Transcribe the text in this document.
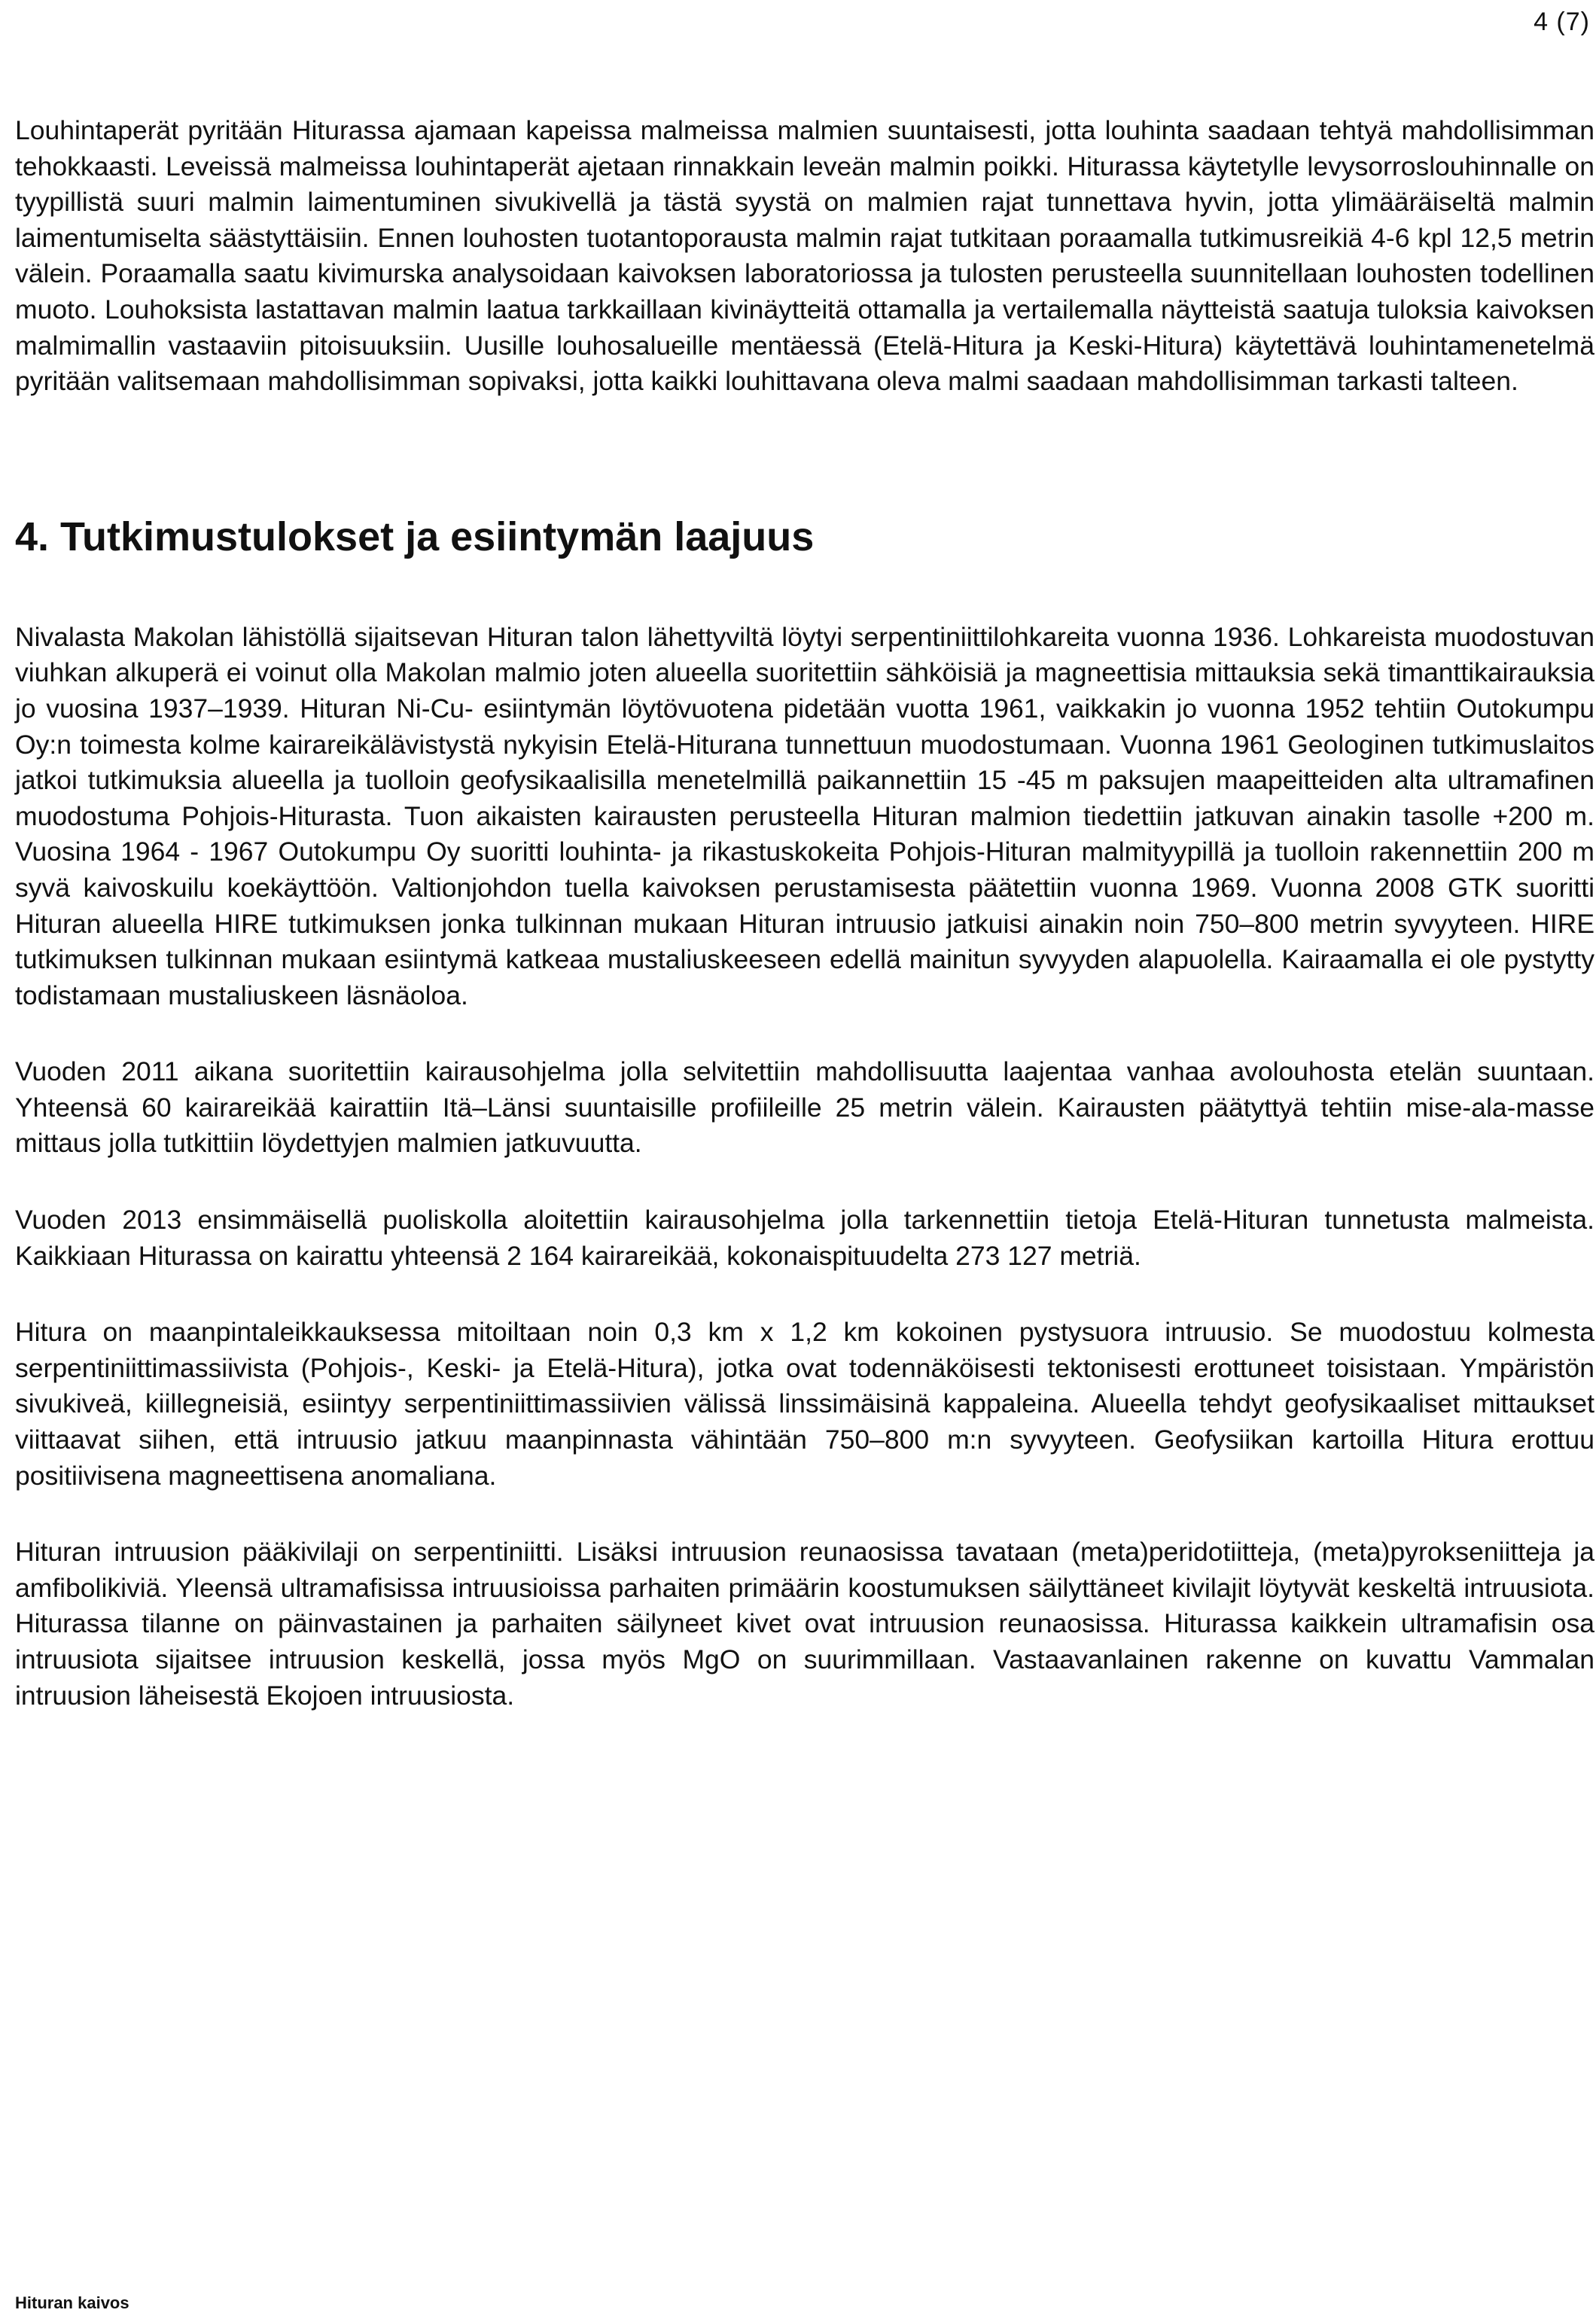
4 (7)

Louhintaperät pyritään Hiturassa ajamaan kapeissa malmeissa malmien suuntaisesti, jotta louhinta saadaan tehtyä mahdollisimman tehokkaasti. Leveissä malmeissa louhintaperät ajetaan rinnakkain leveän malmin poikki. Hiturassa käytetylle levysorroslouhinnalle on tyypillistä suuri malmin laimentuminen sivukivellä ja tästä syystä on malmien rajat tunnettava hyvin, jotta ylimääräiseltä malmin laimentumiselta säästyttäisiin. Ennen louhosten tuotantoporausta malmin rajat tutkitaan poraamalla tutkimusreikiä 4-6 kpl 12,5 metrin välein. Poraamalla saatu kivimurska analysoidaan kaivoksen laboratoriossa ja tulosten perusteella suunnitellaan louhosten todellinen muoto. Louhoksista lastattavan malmin laatua tarkkaillaan kivinäytteitä ottamalla ja vertailemalla näytteistä saatuja tuloksia kaivoksen malmimallin vastaaviin pitoisuuksiin. Uusille louhosalueille mentäessä (Etelä-Hitura ja Keski-Hitura) käytettävä louhintamenetelmä pyritään valitsemaan mahdollisimman sopivaksi, jotta kaikki louhittavana oleva malmi saadaan mahdollisimman tarkasti talteen.

4. Tutkimustulokset ja esiintymän laajuus

Nivalasta Makolan lähistöllä sijaitsevan Hituran talon lähettyviltä löytyi serpentiniittilohkareita vuonna 1936. Lohkareista muodostuvan viuhkan alkuperä ei voinut olla Makolan malmio joten alueella suoritettiin sähköisiä ja magneettisia mittauksia sekä timanttikairauksia jo vuosina 1937–1939. Hituran Ni-Cu- esiintymän löytövuotena pidetään vuotta 1961, vaikkakin jo vuonna 1952 tehtiin Outokumpu Oy:n toimesta kolme kairareikälävistystä nykyisin Etelä-Hiturana tunnettuun muodostumaan. Vuonna 1961 Geologinen tutkimuslaitos jatkoi tutkimuksia alueella ja tuolloin geofysikaalisilla menetelmillä paikannettiin 15 -45 m paksujen maapeitteiden alta ultramafinen muodostuma Pohjois-Hiturasta. Tuon aikaisten kairausten perusteella Hituran malmion tiedettiin jatkuvan ainakin tasolle +200 m. Vuosina 1964 - 1967 Outokumpu Oy suoritti louhinta- ja rikastuskokeita Pohjois-Hituran malmityypillä ja tuolloin rakennettiin 200 m syvä kaivoskuilu koekäyttöön. Valtionjohdon tuella kaivoksen perustamisesta päätettiin vuonna 1969. Vuonna 2008 GTK suoritti Hituran alueella HIRE tutkimuksen jonka tulkinnan mukaan Hituran intruusio jatkuisi ainakin noin 750–800 metrin syvyyteen. HIRE tutkimuksen tulkinnan mukaan esiintymä katkeaa mustaliuskeeseen edellä mainitun syvyyden alapuolella. Kairaamalla ei ole pystytty todistamaan mustaliuskeen läsnäoloa.

Vuoden 2011 aikana suoritettiin kairausohjelma jolla selvitettiin mahdollisuutta laajentaa vanhaa avolouhosta etelän suuntaan. Yhteensä 60 kairareikää kairattiin Itä–Länsi suuntaisille profiileille 25 metrin välein. Kairausten päätyttyä tehtiin mise-ala-masse mittaus jolla tutkittiin löydettyjen malmien jatkuvuutta.

Vuoden 2013 ensimmäisellä puoliskolla aloitettiin kairausohjelma jolla tarkennettiin tietoja Etelä-Hituran tunnetusta malmeista. Kaikkiaan Hiturassa on kairattu yhteensä 2 164 kairareikää, kokonaispituudelta 273 127 metriä.

Hitura on maanpintaleikkauksessa mitoiltaan noin 0,3 km x 1,2 km kokoinen pystysuora intruusio. Se muodostuu kolmesta serpentiniittimassiivista (Pohjois-, Keski- ja Etelä-Hitura), jotka ovat todennäköisesti tektonisesti erottuneet toisistaan. Ympäristön sivukiveä, kiillegneisiä, esiintyy serpentiniittimassiivien välissä linssimäisinä kappaleina. Alueella tehdyt geofysikaaliset mittaukset viittaavat siihen, että intruusio jatkuu maanpinnasta vähintään 750–800 m:n syvyyteen. Geofysiikan kartoilla Hitura erottuu positiivisena magneettisena anomaliana.

Hituran intruusion pääkivilaji on serpentiniitti. Lisäksi intruusion reunaosissa tavataan (meta)peridotiitteja, (meta)pyrokseniitteja ja amfibolikiviä. Yleensä ultramafisissa intruusioissa parhaiten primäärin koostumuksen säilyttäneet kivilajit löytyvät keskeltä intruusiota. Hiturassa tilanne on päinvastainen ja parhaiten säilyneet kivet ovat intruusion reunaosissa. Hiturassa kaikkein ultramafisin osa intruusiota sijaitsee intruusion keskellä, jossa myös MgO on suurimmillaan. Vastaavanlainen rakenne on kuvattu Vammalan intruusion läheisestä Ekojoen intruusiosta.

Hituran kaivos
